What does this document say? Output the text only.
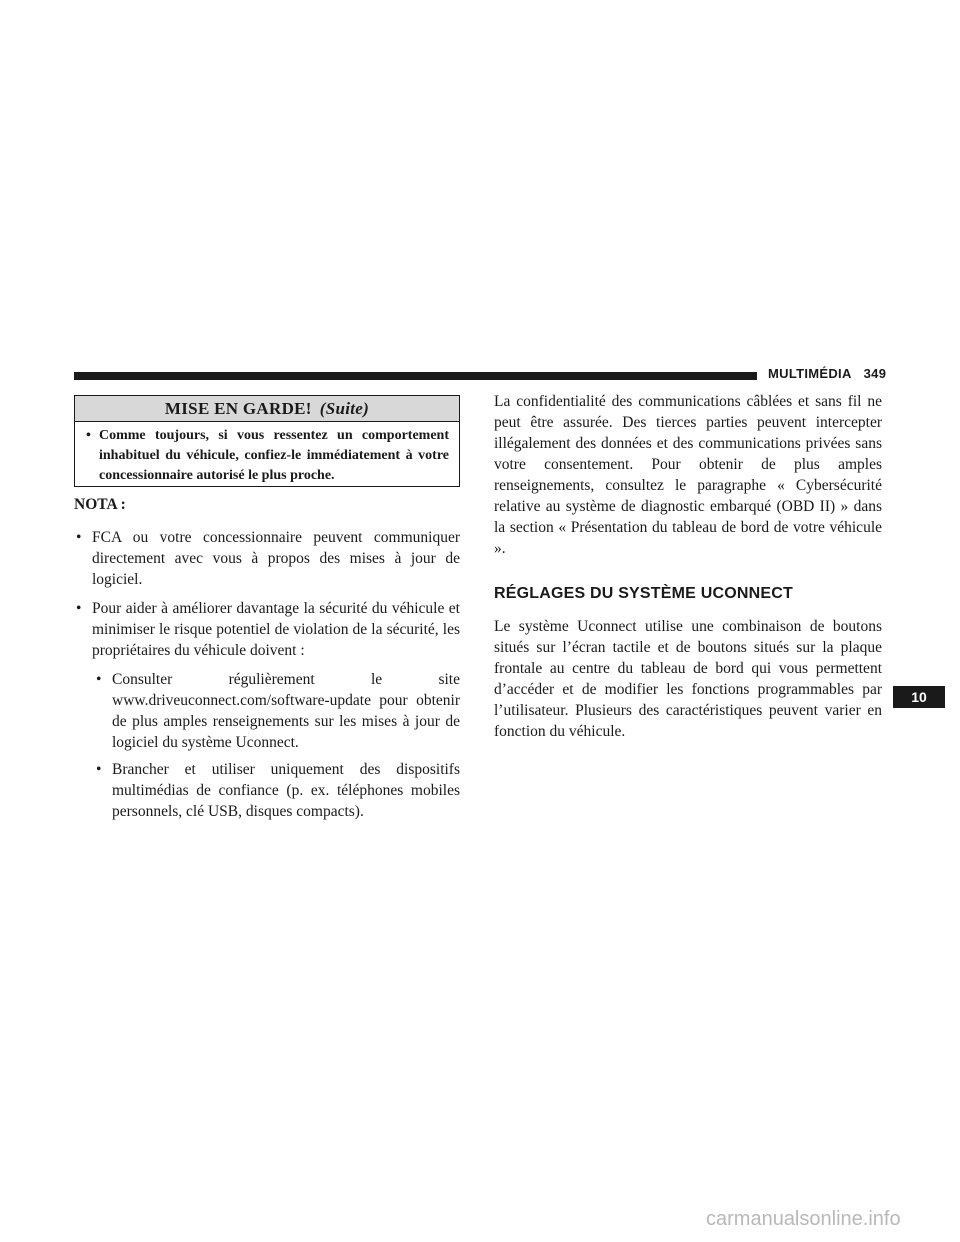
MULTIMÉDIA 349
MISE EN GARDE! (Suite)
• Comme toujours, si vous ressentez un comportement inhabituel du véhicule, confiez-le immédiatement à votre concessionnaire autorisé le plus proche.

NOTA :

• FCA ou votre concessionnaire peuvent communiquer directement avec vous à propos des mises à jour de logiciel.
• Pour aider à améliorer davantage la sécurité du véhicule et minimiser le risque potentiel de violation de la sécurité, les propriétaires du véhicule doivent :
• Consulter	régulièrement	le	site
www.driveuconnect.com/software-update pour obtenir de plus amples renseignements sur les mises à jour de logiciel du système Uconnect.
• Brancher et utiliser uniquement des dispositifs multimédias de confiance (p. ex. téléphones mobiles personnels, clé USB, disques compacts).

La confidentialité des communications câblées et sans fil ne peut être assurée. Des tierces parties peuvent intercepter illégalement des données et des communications privées sans votre consentement. Pour obtenir de plus amples renseignements, consultez le paragraphe « Cybersécurité relative au système de diagnostic embarqué (OBD II) » dans la section « Présentation du tableau de bord de votre véhicule ».

RÉGLAGES DU SYSTÈME UCONNECT

Le système Uconnect utilise une combinaison de boutons situés sur l’écran tactile et de boutons situés sur la plaque frontale au centre du tableau de bord qui vous permettent d’accéder et de modifier les fonctions programmables par l’utilisateur. Plusieurs des caractéristiques peuvent varier en fonction du véhicule.

10
carmanualsonline.info
